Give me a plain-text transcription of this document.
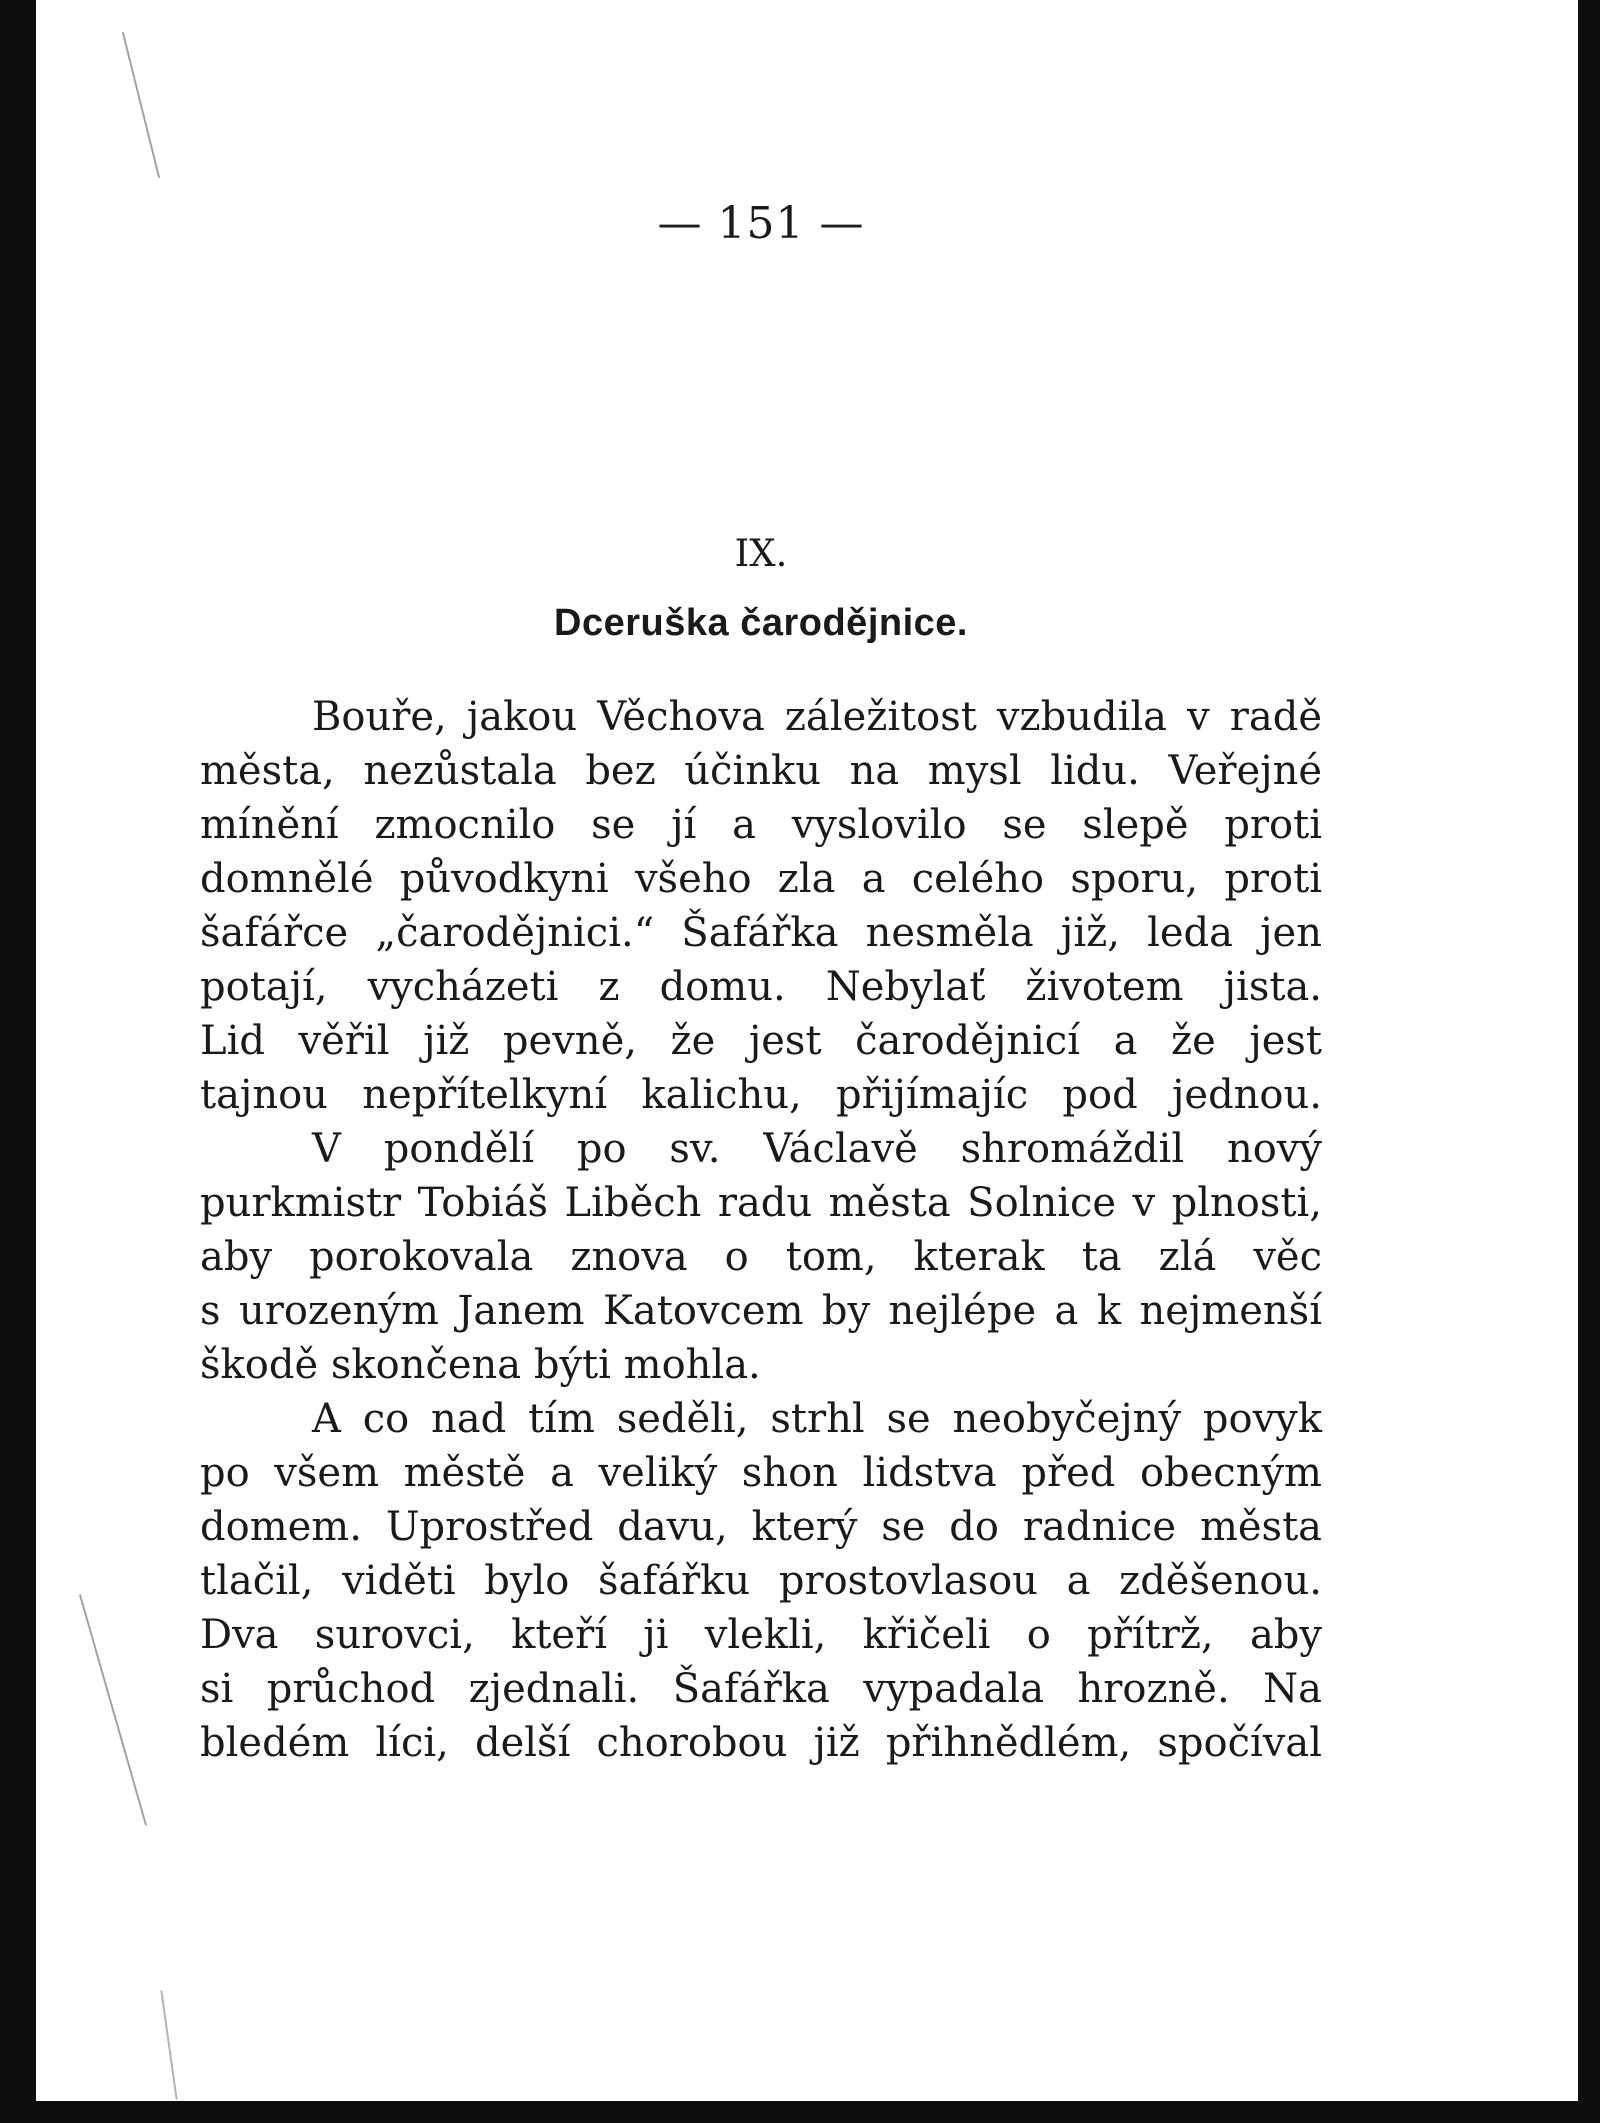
— 151 —
IX.
Dceruška čarodějnice.
Bouře, jakou Věchova záležitost vzbudila v radě
města, nezůstala bez účinku na mysl lidu. Veřejné
mínění zmocnilo se jí a vyslovilo se slepě proti
domnělé původkyni všeho zla a celého sporu, proti
šafářce „čarodějnici.“ Šafářka nesměla již, leda jen
potají, vycházeti z domu. Nebylať životem jista.
Lid věřil již pevně, že jest čarodějnicí a že jest
tajnou nepřítelkyní kalichu, přijímajíc pod jednou.
V pondělí po sv. Václavě shromáždil nový
purkmistr Tobiáš Liběch radu města Solnice v plnosti,
aby porokovala znova o tom, kterak ta zlá věc
s urozeným Janem Katovcem by nejlépe a k nejmenší
škodě skončena býti mohla.
A co nad tím seděli, strhl se neobyčejný povyk
po všem městě a veliký shon lidstva před obecným
domem. Uprostřed davu, který se do radnice města
tlačil, viděti bylo šafářku prostovlasou a zděšenou.
Dva surovci, kteří ji vlekli, křičeli o přítrž, aby
si průchod zjednali. Šafářka vypadala hrozně. Na
bledém líci, delší chorobou již přihnědlém, spočíval
